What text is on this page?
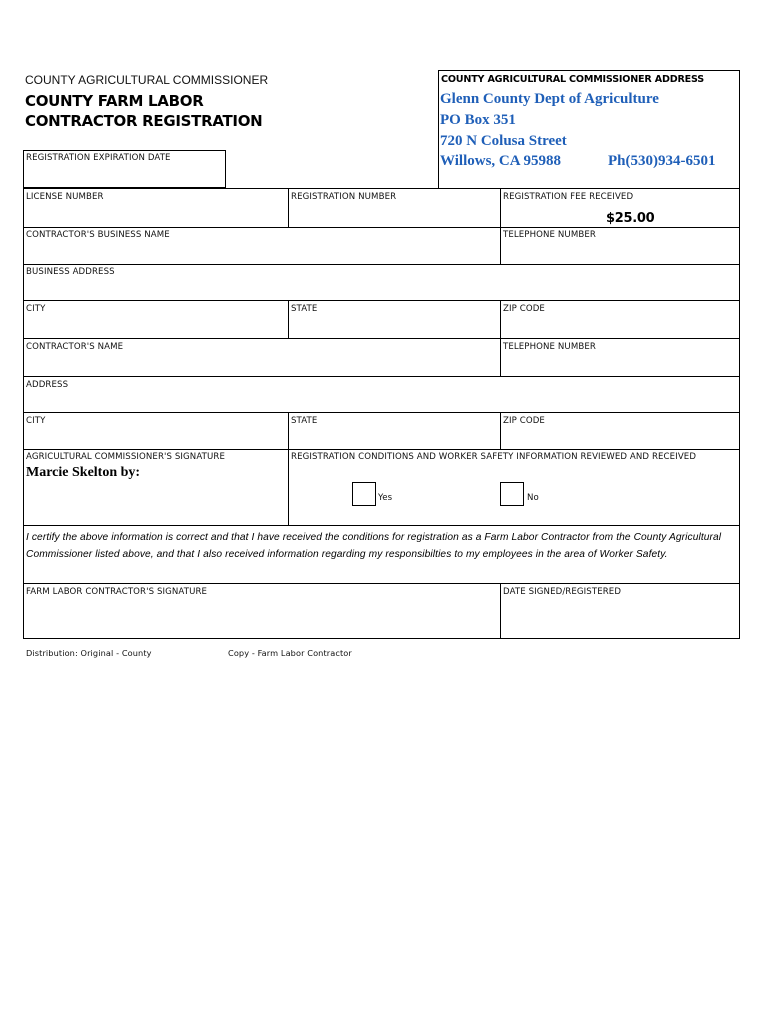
COUNTY AGRICULTURAL COMMISSIONER
COUNTY FARM LABOR
CONTRACTOR REGISTRATION
REGISTRATION EXPIRATION DATE
COUNTY AGRICULTURAL COMMISSIONER ADDRESS
Glenn County Dept of Agriculture
PO Box 351
720 N Colusa Street
Willows, CA 95988	Ph(530)934-6501
LICENSE NUMBER	REGISTRATION NUMBER	REGISTRATION FEE RECEIVED
$25.00
CONTRACTOR'S BUSINESS NAME	TELEPHONE NUMBER
BUSINESS ADDRESS
CITY	STATE	ZIP CODE
CONTRACTOR'S NAME	TELEPHONE NUMBER
ADDRESS
CITY	STATE	ZIP CODE
AGRICULTURAL COMMISSIONER'S SIGNATURE
Marcie Skelton by:
REGISTRATION CONDITIONS AND WORKER SAFETY INFORMATION REVIEWED AND RECEIVED
Yes	No
I certify the above information is correct and that I have received the conditions for registration as a Farm Labor Contractor from the County Agricultural Commissioner listed above, and that I also received information regarding my responsibilties to my employees in the area of Worker Safety.
FARM LABOR CONTRACTOR'S SIGNATURE	DATE SIGNED/REGISTERED
Distribution: Original - County	Copy - Farm Labor Contractor
